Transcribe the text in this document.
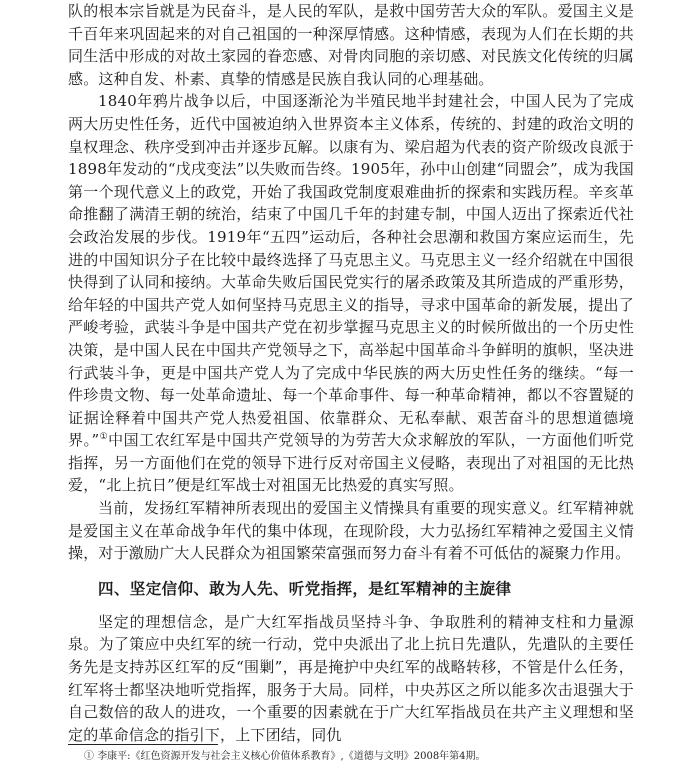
队的根本宗旨就是为民奋斗，是人民的军队，是救中国劳苦大众的军队。爱国主义是千百年来巩固起来的对自己祖国的一种深厚情感。这种情感，表现为人们在长期的共同生活中形成的对故土家园的眷恋感、对骨肉同胞的亲切感、对民族文化传统的归属感。这种自发、朴素、真挚的情感是民族自我认同的心理基础。

1840年鸦片战争以后，中国逐渐沦为半殖民地半封建社会，中国人民为了完成两大历史性任务，近代中国被迫纳入世界资本主义体系，传统的、封建的政治文明的皇权理念、秩序受到冲击并逐步瓦解。以康有为、梁启超为代表的资产阶级改良派于1898年发动的“戊戌变法”以失败而告终。1905年，孙中山创建“同盟会”，成为我国第一个现代意义上的政党，开始了我国政党制度艰难曲折的探索和实践历程。辛亥革命推翻了满清王朝的统治，结束了中国几千年的封建专制，中国人迈出了探索近代社会政治发展的步伐。1919年“五四”运动后，各种社会思潮和救国方案应运而生，先进的中国知识分子在比较中最终选择了马克思主义。马克思主义一经介绍就在中国很快得到了认同和接纳。大革命失败后国民党实行的屠杀政策及其所造成的严重形势，给年轻的中国共产党人如何坚持马克思主义的指导，寻求中国革命的新发展，提出了严峻考验，武装斗争是中国共产党在初步掌握马克思主义的时候所做出的一个历史性决策，是中国人民在中国共产党领导之下，高举起中国革命斗争鲜明的旗帜，坚决进行武装斗争，更是中国共产党人为了完成中华民族的两大历史性任务的继续。“每一件珍贵文物、每一处革命遗址、每一个革命事件、每一种革命精神，都以不容置疑的证据诠释着中国共产党人热爱祖国、依靠群众、无私奉献、艰苦奋斗的思想道德境界。”①中国工农红军是中国共产党领导的为劳苦大众求解放的军队，一方面他们听党指挥，另一方面他们在党的领导下进行反对帝国主义侵略，表现出了对祖国的无比热爱，“北上抗日”便是红军战士对祖国无比热爱的真实写照。

当前，发扬红军精神所表现出的爱国主义情操具有重要的现实意义。红军精神就是爱国主义在革命战争年代的集中体现，在现阶段，大力弘扬红军精神之爱国主义情操，对于激励广大人民群众为祖国繁荣富强而努力奋斗有着不可低估的凝聚力作用。

四、坚定信仰、敢为人先、听党指挥，是红军精神的主旋律

坚定的理想信念，是广大红军指战员坚持斗争、争取胜利的精神支柱和力量源泉。为了策应中央红军的统一行动，党中央派出了北上抗日先遣队，先遣队的主要任务先是支持苏区红军的反“围剿”，再是掩护中央红军的战略转移，不管是什么任务，红军将士都坚决地听党指挥，服务于大局。同样，中央苏区之所以能多次击退强大于自己数倍的敌人的进攻，一个重要的因素就在于广大红军指战员在共产主义理想和坚定的革命信念的指引下，上下团结，同仇

① 李康平:《红色资源开发与社会主义核心价值体系教育》,《道德与文明》2008年第4期。
